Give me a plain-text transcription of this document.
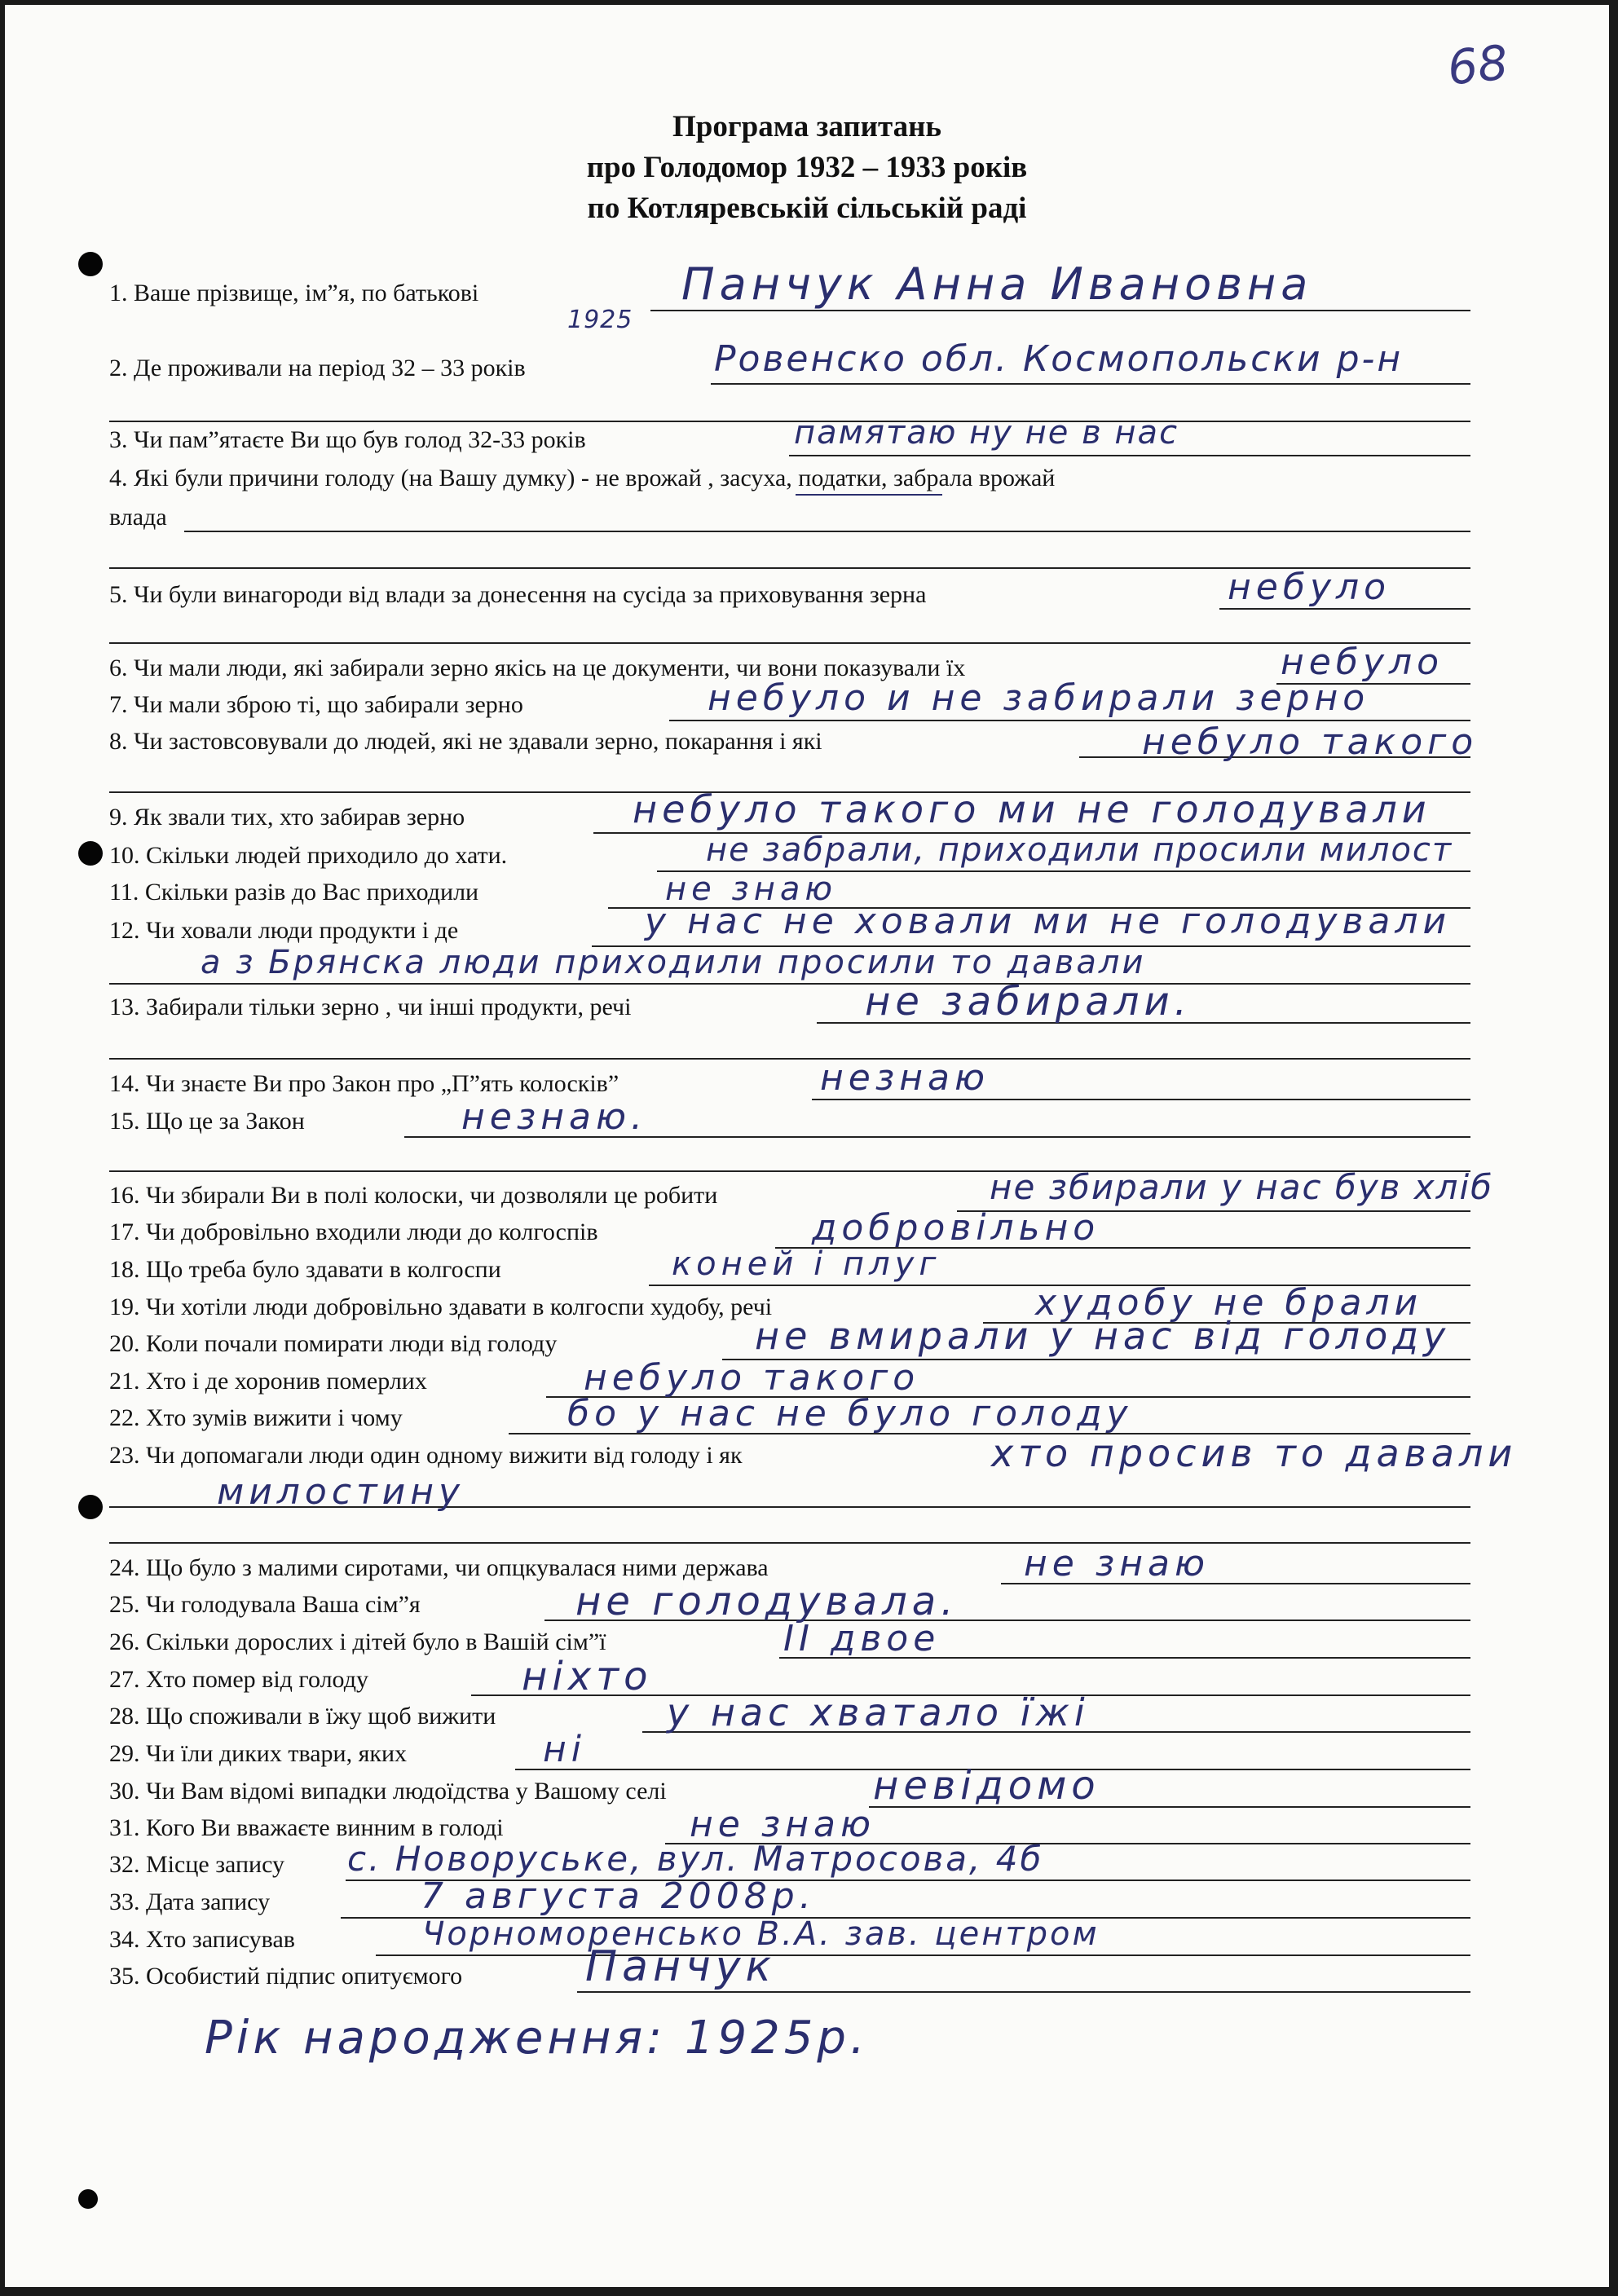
68
Програма запитань
про Голодомор 1932 – 1933 років
по Котляревській сільській раді
1. Ваше прізвище, ім”я, по батькові	Панчук Анна Ивановна
1925
2. Де проживали на період 32 – 33 років	Ровенско обл. Космопольски р-н
3. Чи пам”ятаєте Ви що був голод 32-33 років	памятаю ну не в нас
4. Які були причини голоду (на Вашу думку) - не врожай , засуха, податки, забрала врожай
влада
5. Чи були винагороди від влади за донесення на сусіда за приховування зерна	небуло
6. Чи мали люди, які забирали зерно якісь на це документи, чи вони показували їх	небуло
7. Чи мали зброю ті, що забирали зерно	небуло и не забирали зерно
8. Чи застовсовували до людей, які не здавали зерно, покарання і які	небуло такого
9. Як звали тих, хто забирав зерно	небуло такого ми не голодували
10. Скільки людей приходило до хати.	не забрали, приходили просили милост
11. Скільки разів до Вас приходили	не знаю
12. Чи ховали люди продукти і де	у нас не ховали ми не голодували
а з Брянска люди приходили просили то давали
13. Забирали тільки зерно , чи інші продукти, речі	не забирали.
14. Чи знаєте Ви про Закон про „П”ять колосків”	незнаю
15. Що це за Закон	незнаю.
16. Чи збирали Ви в полі колоски, чи дозволяли це робити	не збирали у нас був хліб
17. Чи добровільно входили люди до колгоспів	добровільно
18. Що треба було здавати в колгоспи	коней і плуг
19. Чи хотіли люди добровільно здавати в колгоспи худобу, речі	худобу не брали
20. Коли почали помирати люди від голоду	не вмирали у нас від голоду
21. Хто і де хоронив померлих	небуло такого
22. Хто зумів вижити і чому	бо у нас не було голоду
23. Чи допомагали люди один одному вижити від голоду і як	хто просив то давали
милостину
24. Що було з малими сиротами, чи опцкувалася ними держава	не знаю
25. Чи голодувала Ваша сім”я	не голодувала.
26. Скільки дорослих і дітей було в Вашій сім”ї	II двое
27. Хто помер від голоду	ніхто
28. Що споживали в їжу щоб вижити	у нас хватало їжі
29. Чи їли диких твари, яких	ні
30. Чи Вам відомі випадки людоїдства у Вашому селі	невідомо
31. Кого Ви вважаєте винним в голоді	не знаю
32. Місце запису с. Новоруське, вул. Матросова, 4б
33. Дата запису	7 августа 2008р.
34. Хто записував	Чорноморенсько В.А. зав. центром
35. Особистий підпис опитуємого	Панчук
Рік народження: 1925р.
